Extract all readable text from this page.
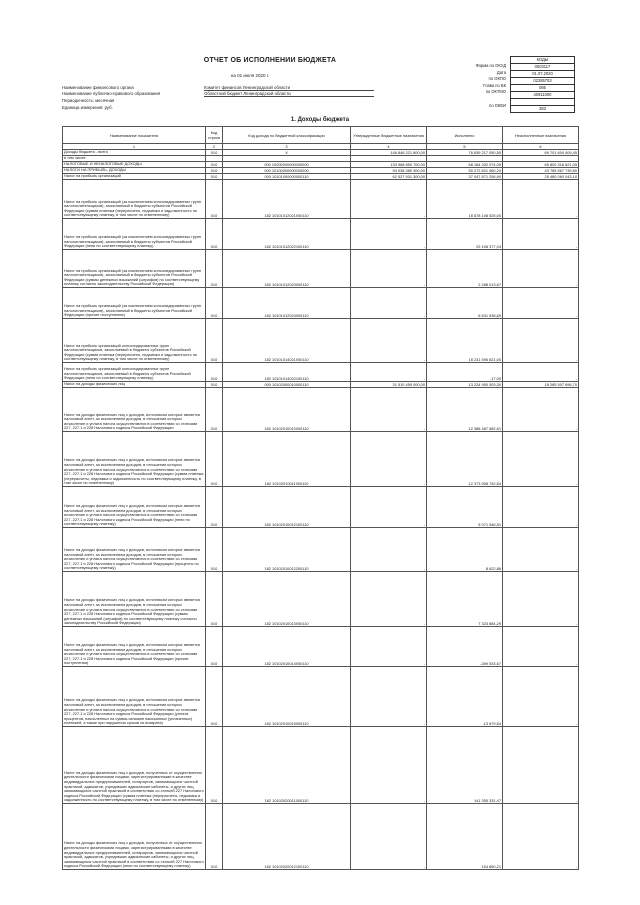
ОТЧЕТ ОБ ИСПОЛНЕНИИ БЮДЖЕТА
на 01 июля 2020 г.
Наименование финансового органа	Комитет финансов Ленинградской области
Наименование публично-правового образования	Областной бюджет Ленинградской области
Периодичность: месячная
Единица измерения: руб.
Форма по ОКУД
Дата
по ОКПО
Глава по БК
по ОКТМО
по ОКЕИ
КОДЫ
0503117
01.07.2020
02285703
085
40911000
383
1. Доходы бюджета
Наименование показателя	Код строки	Код дохода по бюджетной классификации	Утвержденные бюджетные назначения	Исполнено	Неисполненные назначения
1	2	3	4	5	6
Доходы бюджета - всего	010	X	146 848 221 800,00	76 639 217 050,55	69 701 604 409,45
в том числе:					
НАЛОГОВЫЕ И НЕНАЛОГОВЫЕ ДОХОДЫ	010	000 10000000000000000	133 968 650 700,00	68 164 332 074,05	65 800 318 621,05
НАЛОГИ НА ПРИБЫЛЬ, ДОХОДЫ	010	000 10100000000000000	94 038 389 300,00	50 272 821 560,20	43 765 567 739,80
Налог на прибыль организаций	010	000 10101000000000110	62 527 931 300,00	37 047 871 256,90	25 480 060 043,10
Налог на прибыль организаций (за исключением консолидированных групп налогоплательщиков), зачисляемый в бюджеты субъектов Российской Федерации (сумма платежа (перерасчеты, недоимка и задолженность по соответствующему платежу, в том числе по отмененному)	010	182 10101012021000110	-	18 878 108 525,00	-
Налог на прибыль организаций (за исключением консолидированных групп налогоплательщиков), зачисляемый в бюджеты субъектов Российской Федерации (пени по соответствующему платежу)	010	182 10101012022100110	-	29 158 377,04	-
Налог на прибыль организаций (за исключением консолидированных групп налогоплательщиков), зачисляемый в бюджеты субъектов Российской Федерации (суммы денежных взысканий (штрафов) по соответствующему платежу согласно законодательству Российской Федерации)	010	182 10101012023000110	-	2 288 013,67	-
Налог на прибыль организаций (за исключением консолидированных групп налогоплательщиков), зачисляемый в бюджеты субъектов Российской Федерации (прочие поступления)	010	182 10101012024000110	-	6 631 538,69	-
Налог на прибыль организаций консолидированных групп налогоплательщиков, зачисляемый в бюджеты субъектов Российской Федерации (сумма платежа (перерасчеты, недоимка и задолженность по соответствующему платежу, в том числе по отмененному)	010	182 10101014021000110	-	18 231 596 621,00	-
Налог на прибыль организаций консолидированных групп налогоплательщиков, зачисляемый в бюджеты субъектов Российской Федерации (пени по соответствующему платежу)	010	182 10101014022100110	-	-17,00	-
Налог на доходы физических лиц	010	000 10102000010000110	31 510 459 000,00	13 224 950 303,30	18 285 507 696,70
Налог на доходы физических лиц с доходов, источником которых является налоговый агент, за исключением доходов, в отношении которых исчисление и уплата налога осуществляются в соответствии со статьями 227, 227.1 и 228 Налогового кодекса Российской Федерации	010	182 10102010010000110	-	12 388 487 582,61	-
Налог на доходы физических лиц с доходов, источником которых является налоговый агент, за исключением доходов, в отношении которых исчисление и уплата налога осуществляются в соответствии со статьями 227, 227.1 и 228 Налогового кодекса Российской Федерации (сумма платежа (перерасчеты, недоимка и задолженность по соответствующему платежу, в том числе по отмененному)	010	182 10102010011000110	-	12 373 908 742,64	-
Налог на доходы физических лиц с доходов, источником которых является налоговый агент, за исключением доходов, в отношении которых исчисление и уплата налога осуществляются в соответствии со статьями 227, 227.1 и 228 Налогового кодекса Российской Федерации (пени по соответствующему платежу)	010	182 10102010012100110	-	5 071 546,51	-
Налог на доходы физических лиц с доходов, источником которых является налоговый агент, за исключением доходов, в отношении которых исчисление и уплата налога осуществляются в соответствии со статьями 227, 227.1 и 228 Налогового кодекса Российской Федерации (проценты по соответствующему платежу)	010	182 10102010012200110	-	8 622,86	-
Налог на доходы физических лиц с доходов, источником которых является налоговый агент, за исключением доходов, в отношении которых исчисление и уплата налога осуществляются в соответствии со статьями 227, 227.1 и 228 Налогового кодекса Российской Федерации (суммы денежных взысканий (штрафов) по соответствующему платежу согласно законодательству Российской Федерации)	010	182 10102010013000110	-	7 323 884,29	-
Налог на доходы физических лиц с доходов, источником которых является налоговый агент, за исключением доходов, в отношении которых исчисление и уплата налога осуществляются в соответствии со статьями 227, 227.1 и 228 Налогового кодекса Российской Федерации (прочие поступления)	010	182 10102010014000110	-	-289 533,67	-
Налог на доходы физических лиц с доходов, источником которых является налоговый агент, за исключением доходов, в отношении которых исчисление и уплата налога осуществляются в соответствии со статьями 227, 227.1 и 228 Налогового кодекса Российской Федерации (уплата процентов, начисленных на суммы излишне взысканных (уплаченных) платежей, а также при нарушении сроков их возврата)	010	182 10102010015000110	-	-13 679,64	-
Налог на доходы физических лиц с доходов, полученных от осуществления деятельности физическими лицами, зарегистрированными в качестве индивидуальных предпринимателей, нотариусов, занимающихся частной практикой, адвокатов, учредивших адвокатские кабинеты, и других лиц, занимающихся частной практикой в соответствии со статьей 227 Налогового кодекса Российской Федерации (сумма платежа (перерасчеты, недоимка и задолженность по соответствующему платежу, в том числе по отмененному)	010	182 10102020011000110	-	141 355 331,47	-
Налог на доходы физических лиц с доходов, полученных от осуществления деятельности физическими лицами, зарегистрированными в качестве индивидуальных предпринимателей, нотариусов, занимающихся частной практикой, адвокатов, учредивших адвокатские кабинеты, и других лиц, занимающихся частной практикой в соответствии со статьей 227 Налогового кодекса Российской Федерации (пени по соответствующему платежу)	010	182 10102020012100110	-	154 860,21	-
